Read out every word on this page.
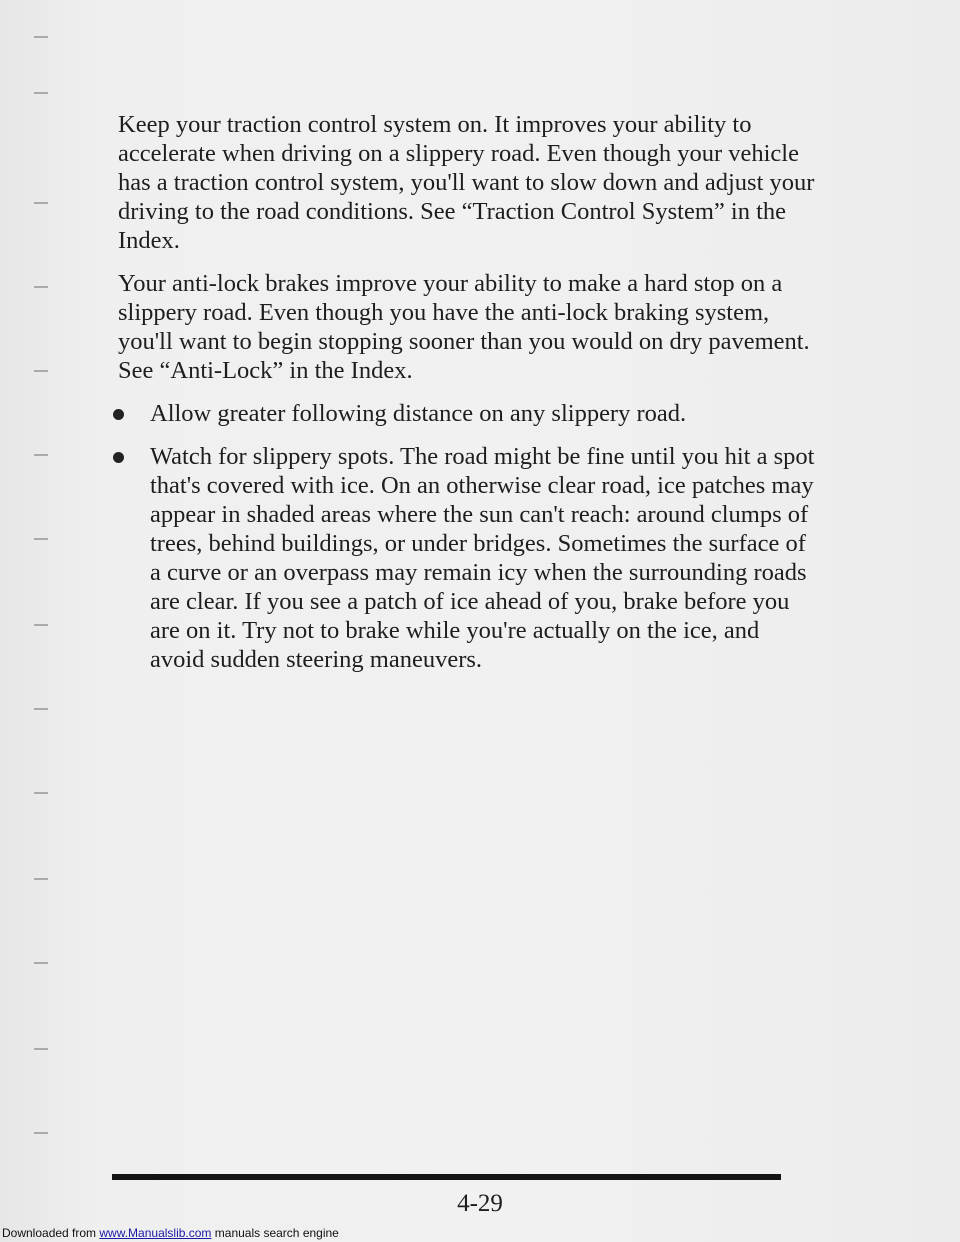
Keep your traction control system on. It improves your ability to accelerate when driving on a slippery road. Even though your vehicle has a traction control system, you'll want to slow down and adjust your driving to the road conditions. See “Traction Control System” in the Index.

Your anti-lock brakes improve your ability to make a hard stop on a slippery road. Even though you have the anti-lock braking system, you'll want to begin stopping sooner than you would on dry pavement. See “Anti-Lock” in the Index.

Allow greater following distance on any slippery road.
Watch for slippery spots. The road might be fine until you hit a spot that's covered with ice. On an otherwise clear road, ice patches may appear in shaded areas where the sun can't reach: around clumps of trees, behind buildings, or under bridges. Sometimes the surface of a curve or an overpass may remain icy when the surrounding roads are clear. If you see a patch of ice ahead of you, brake before you are on it. Try not to brake while you're actually on the ice, and avoid sudden steering maneuvers.
4-29
Downloaded from www.Manualslib.com manuals search engine
